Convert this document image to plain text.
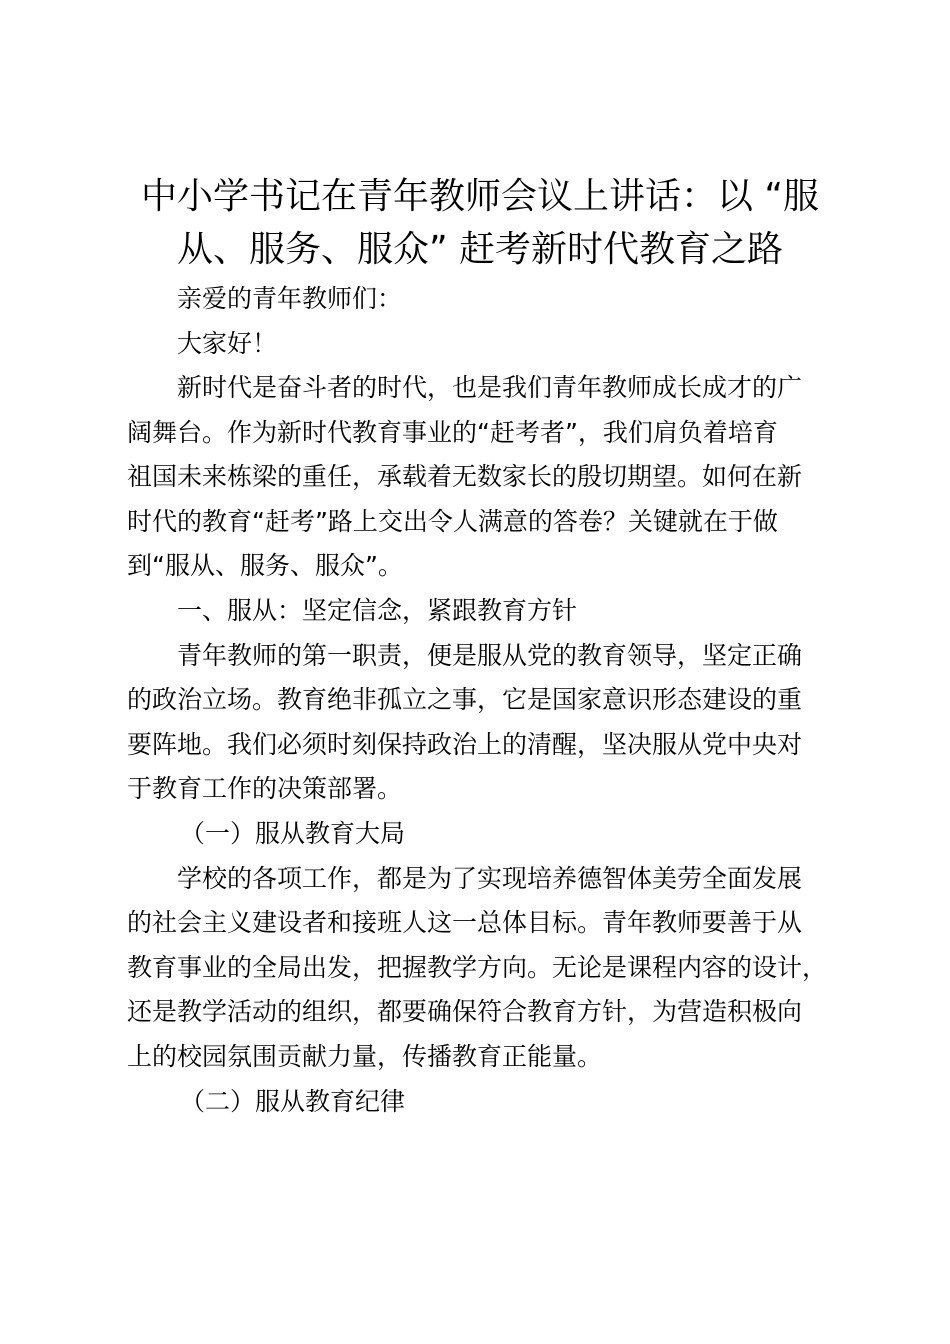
中小学书记在青年教师会议上讲话：以 “服
从、服务、服众” 赶考新时代教育之路

亲爱的青年教师们：

大家好！

新时代是奋斗者的时代，也是我们青年教师成长成才的广

阔舞台。作为新时代教育事业的“赶考者”，我们肩负着培育

祖国未来栋梁的重任，承载着无数家长的殷切期望。如何在新

时代的教育“赶考”路上交出令人满意的答卷？关键就在于做

到“服从、服务、服众”。

一、服从：坚定信念，紧跟教育方针

青年教师的第一职责，便是服从党的教育领导，坚定正确

的政治立场。教育绝非孤立之事，它是国家意识形态建设的重

要阵地。我们必须时刻保持政治上的清醒，坚决服从党中央对

于教育工作的决策部署。

（一）服从教育大局

学校的各项工作，都是为了实现培养德智体美劳全面发展

的社会主义建设者和接班人这一总体目标。青年教师要善于从

教育事业的全局出发，把握教学方向。无论是课程内容的设计，

还是教学活动的组织，都要确保符合教育方针，为营造积极向

上的校园氛围贡献力量，传播教育正能量。

（二）服从教育纪律
